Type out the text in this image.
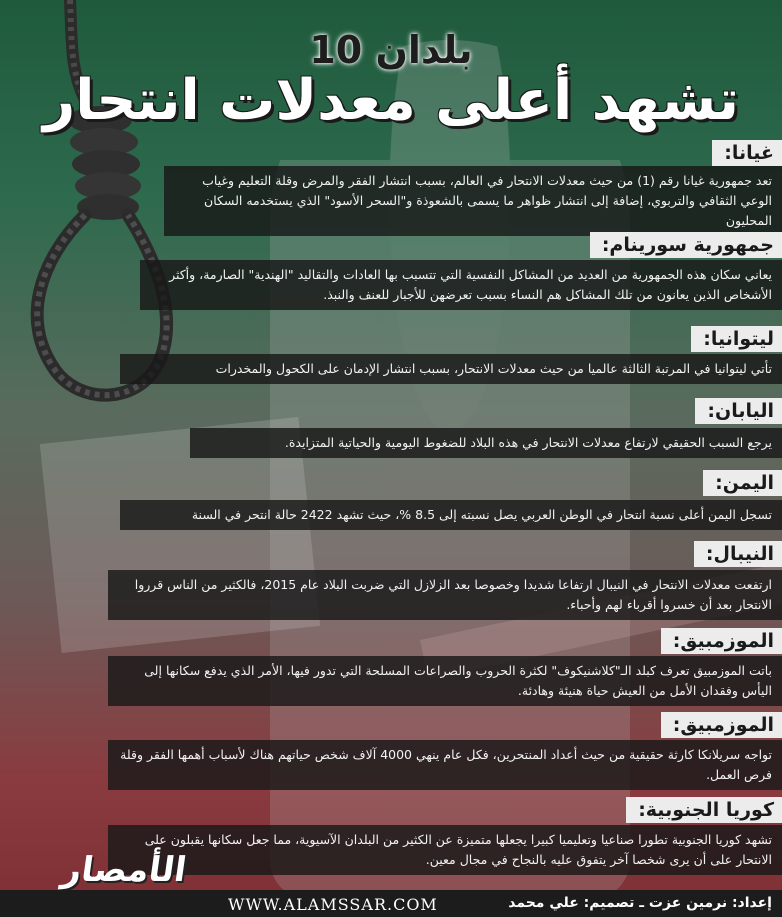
10 بلدان
تشهد أعلى معدلات انتحار
غيانا:
تعد جمهورية غيانا رقم (1) من حيث معدلات الانتحار في العالم، بسبب انتشار الفقر والمرض وقلة التعليم وغياب الوعي الثقافي والتربوي، إضافة إلى انتشار ظواهر ما يسمى بالشعوذة و"السحر الأسود" الذي يستخدمه السكان المحليون
جمهورية سورينام:
يعاني سكان هذه الجمهورية من العديد من المشاكل النفسية التي تتسبب بها العادات والتقاليد "الهندية" الصارمة، وأكثر الأشخاص الذين يعانون من تلك المشاكل هم النساء بسبب تعرضهن للأجبار للعنف والنبذ.
ليتوانيا:
تأتي ليتوانيا في المرتبة الثالثة عالميا من حيث معدلات الانتحار، بسبب انتشار الإدمان على الكحول والمخدرات
اليابان:
يرجع السبب الحقيقي لارتفاع معدلات الانتحار في هذه البلاد للضغوط اليومية والحياتية المتزايدة.
اليمن:
تسجل اليمن أعلى نسبة انتحار في الوطن العربي يصل نسبته إلى 8.5 %، حيث تشهد 2422 حالة انتحر في السنة
النيبال:
ارتفعت معدلات الانتحار في النيبال ارتفاعا شديدا وخصوصا بعد الزلازل التي ضربت البلاد عام 2015، فالكثير من الناس قرروا الانتحار بعد أن خسروا أقرباء لهم وأحباء.
الموزمبيق:
باتت الموزمبيق تعرف كبلد الـ"كلاشنيكوف" لكثرة الحروب والصراعات المسلحة التي تدور فيها، الأمر الذي يدفع سكانها إلى اليأس وفقدان الأمل من العيش حياة هنيئة وهادئة.
الموزمبيق:
تواجه سريلانكا كارثة حقيقية من حيث أعداد المنتحرين، فكل عام ينهي 4000 آلاف شخص حياتهم هناك لأسباب أهمها الفقر وقلة فرص العمل.
كوريا الجنوبية:
تشهد كوريا الجنوبية تطورا صناعيا وتعليميا كبيرا يجعلها متميزة عن الكثير من البلدان الآسيوية، مما جعل سكانها يقبلون على الانتحار على أن يرى شخصا آخر يتفوق عليه بالنجاح في مجال معين.
الأمصار
WWW.ALAMSSAR.COM	إعداد: نرمين عزت ـ تصميم: علي محمد
